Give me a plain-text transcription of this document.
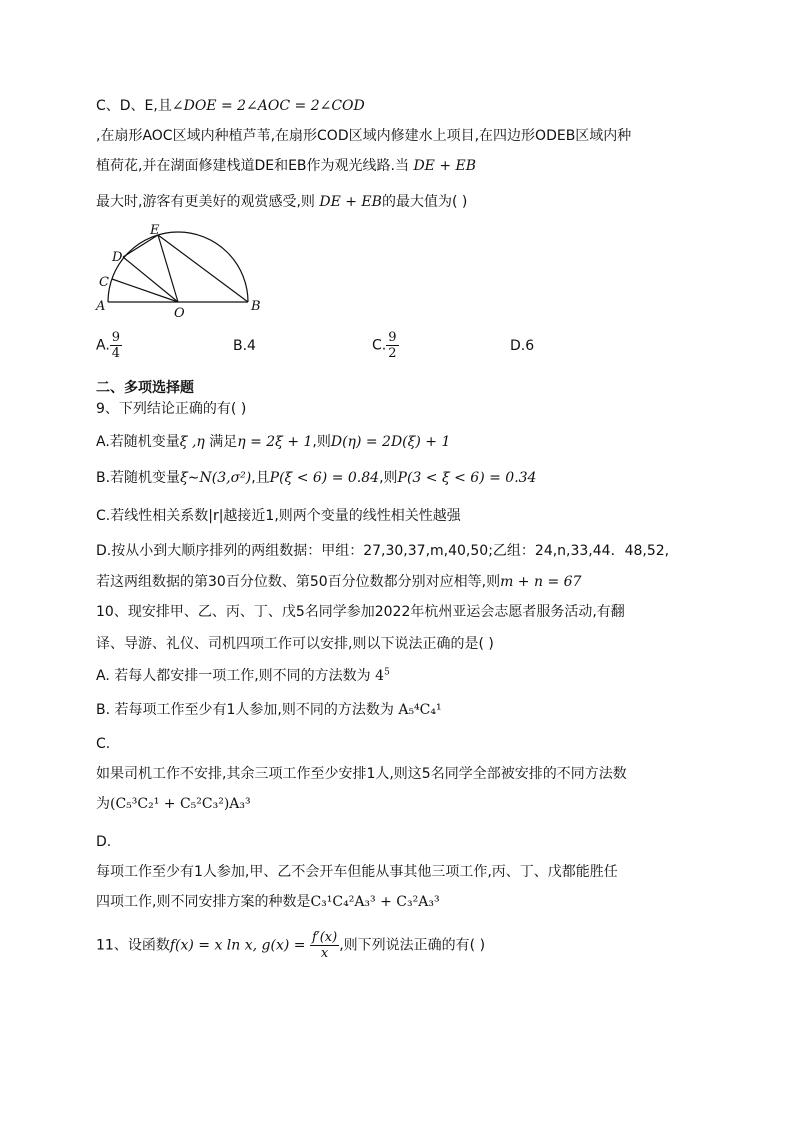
C、D、E,且∠DOE = 2∠AOC = 2∠COD
,在扇形AOC区域内种植芦苇,在扇形COD区域内修建水上项目,在四边形ODEB区域内种
植荷花,并在湖面修建栈道DE和EB作为观光线路.当 DE + EB
最大时,游客有更美好的观赏感受,则 DE + EB的最大值为( )
A	B
C
D
E
O
A. $\frac{9}{4}$	B.4	C. $\frac{9}{2}$	D.6
二、多项选择题
9、下列结论正确的有( )
A.若随机变量ξ ,η 满足η = 2ξ + 1,则D(η) = 2D(ξ) + 1
B.若随机变量ξ∼N(3,σ²),且P(ξ < 6) = 0.84,则P(3 < ξ < 6) = 0.34
C.若线性相关系数|r|越接近1,则两个变量的线性相关性越强
D.按从小到大顺序排列的两组数据：甲组：27,30,37,m,40,50;乙组：24,n,33,44．48,52,
若这两组数据的第30百分位数、第50百分位数都分别对应相等,则m + n = 67
10、现安排甲、乙、丙、丁、戊5名同学参加2022年杭州亚运会志愿者服务活动,有翻
译、导游、礼仪、司机四项工作可以安排,则以下说法正确的是( )
A. 若每人都安排一项工作,则不同的方法数为 $4^5$
B. 若每项工作至少有1人参加,则不同的方法数为 A₅⁴C₄¹
C.
如果司机工作不安排,其余三项工作至少安排1人,则这5名同学全部被安排的不同方法数
为(C₅³C₂¹ + C₅²C₃²)A₃³
D.
每项工作至少有1人参加,甲、乙不会开车但能从事其他三项工作,丙、丁、戊都能胜任
四项工作,则不同安排方案的种数是C₃¹C₄²A₃³ + C₃²A₃³
11、设函数f(x) = x ln x, $g(x) = \frac{f'(x)}{x}$ ,则下列说法正确的有( )
